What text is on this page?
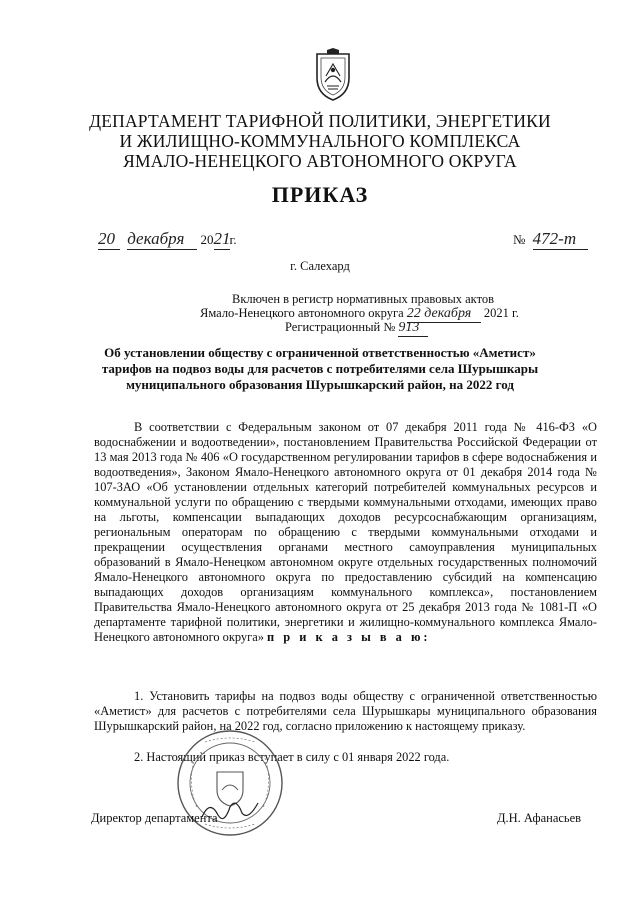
ДЕПАРТАМЕНТ ТАРИФНОЙ ПОЛИТИКИ, ЭНЕРГЕТИКИ
И ЖИЛИЩНО-КОММУНАЛЬНОГО КОМПЛЕКСА
ЯМАЛО-НЕНЕЦКОГО АВТОНОМНОГО ОКРУГА
ПРИКАЗ
20 декабря 2021г.	№ 472-т
г. Салехард
Включен в регистр нормативных правовых актов
Ямало-Ненецкого автономного округа 22 декабря 2021 г.
Регистрационный № 913
Об установлении обществу с ограниченной ответственностью «Аметист»
тарифов на подвоз воды для расчетов с потребителями села Шурышкары
муниципального образования Шурышкарский район, на 2022 год

В соответствии с Федеральным законом от 07 декабря 2011 года № 416-ФЗ «О водоснабжении и водоотведении», постановлением Правительства Российской Федерации от 13 мая 2013 года № 406 «О государственном регулировании тарифов в сфере водоснабжения и водоотведения», Законом Ямало-Ненецкого автономного округа от 01 декабря 2014 года № 107-ЗАО «Об установлении отдельных категорий потребителей коммунальных ресурсов и коммунальной услуги по обращению с твердыми коммунальными отходами, имеющих право на льготы, компенсации выпадающих доходов ресурсоснабжающим организациям, региональным операторам по обращению с твердыми коммунальными отходами и прекращении осуществления органами местного самоуправления муниципальных образований в Ямало-Ненецком автономном округе отдельных государственных полномочий Ямало-Ненецкого автономного округа по предоставлению субсидий на компенсацию выпадающих доходов организациям коммунального комплекса», постановлением Правительства Ямало-Ненецкого автономного округа от 25 декабря 2013 года № 1081-П «О департаменте тарифной политики, энергетики и жилищно-коммунального комплекса Ямало-Ненецкого автономного округа» п р и к а з ы в а ю:

1. Установить тарифы на подвоз воды обществу с ограниченной ответственностью «Аметист» для расчетов с потребителями села Шурышкары муниципального образования Шурышкарский район, на 2022 год, согласно приложению к настоящему приказу.

2. Настоящий приказ вступает в силу с 01 января 2022 года.

Директор департамента	Д.Н. Афанасьев
